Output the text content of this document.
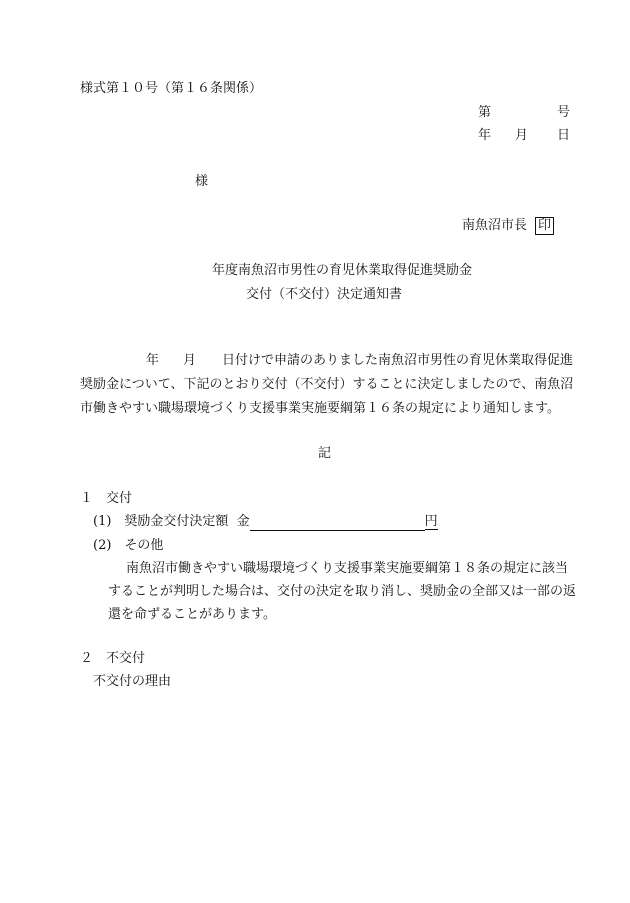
様式第１０号（第１６条関係）
第	号
年 月 日
様
南魚沼市長 印
年度南魚沼市男性の育児休業取得促進奨励金
交付（不交付）決定通知書
年 月 日付けで申請のありました南魚沼市男性の育児休業取得促進
奨励金について、下記のとおり交付（不交付）することに決定しましたので、南魚沼
市働きやすい職場環境づくり支援事業実施要綱第１６条の規定により通知します。
記
１　交付
(1)　奨励金交付決定額 金	円
(2)　その他
南魚沼市働きやすい職場環境づくり支援事業実施要綱第１８条の規定に該当
することが判明した場合は、交付の決定を取り消し、奨励金の全部又は一部の返
還を命ずることがあります。
２　不交付
不交付の理由
